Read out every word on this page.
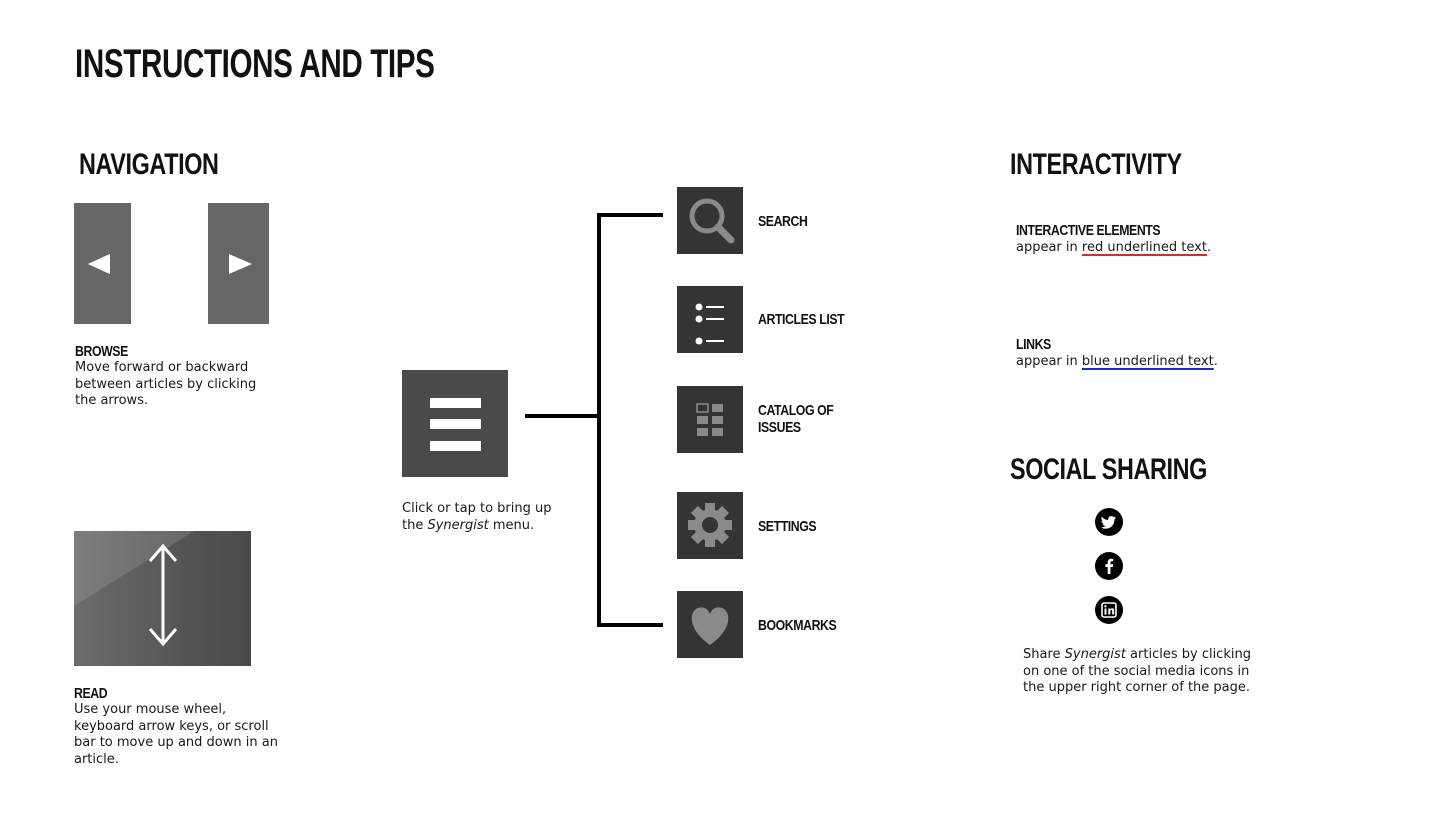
INSTRUCTIONS AND TIPS
NAVIGATION
BROWSE
Move forward or backward between articles by clicking the arrows.
READ
Use your mouse wheel, keyboard arrow keys, or scroll bar to move up and down in an article.
Click or tap to bring up the Synergist menu.
SEARCH
ARTICLES LIST
CATALOG OF
ISSUES
SETTINGS
BOOKMARKS
INTERACTIVITY
INTERACTIVE ELEMENTS
appear in red underlined text.
LINKS
appear in blue underlined text.
SOCIAL SHARING
Share Synergist articles by clicking on one of the social media icons in the upper right corner of the page.
